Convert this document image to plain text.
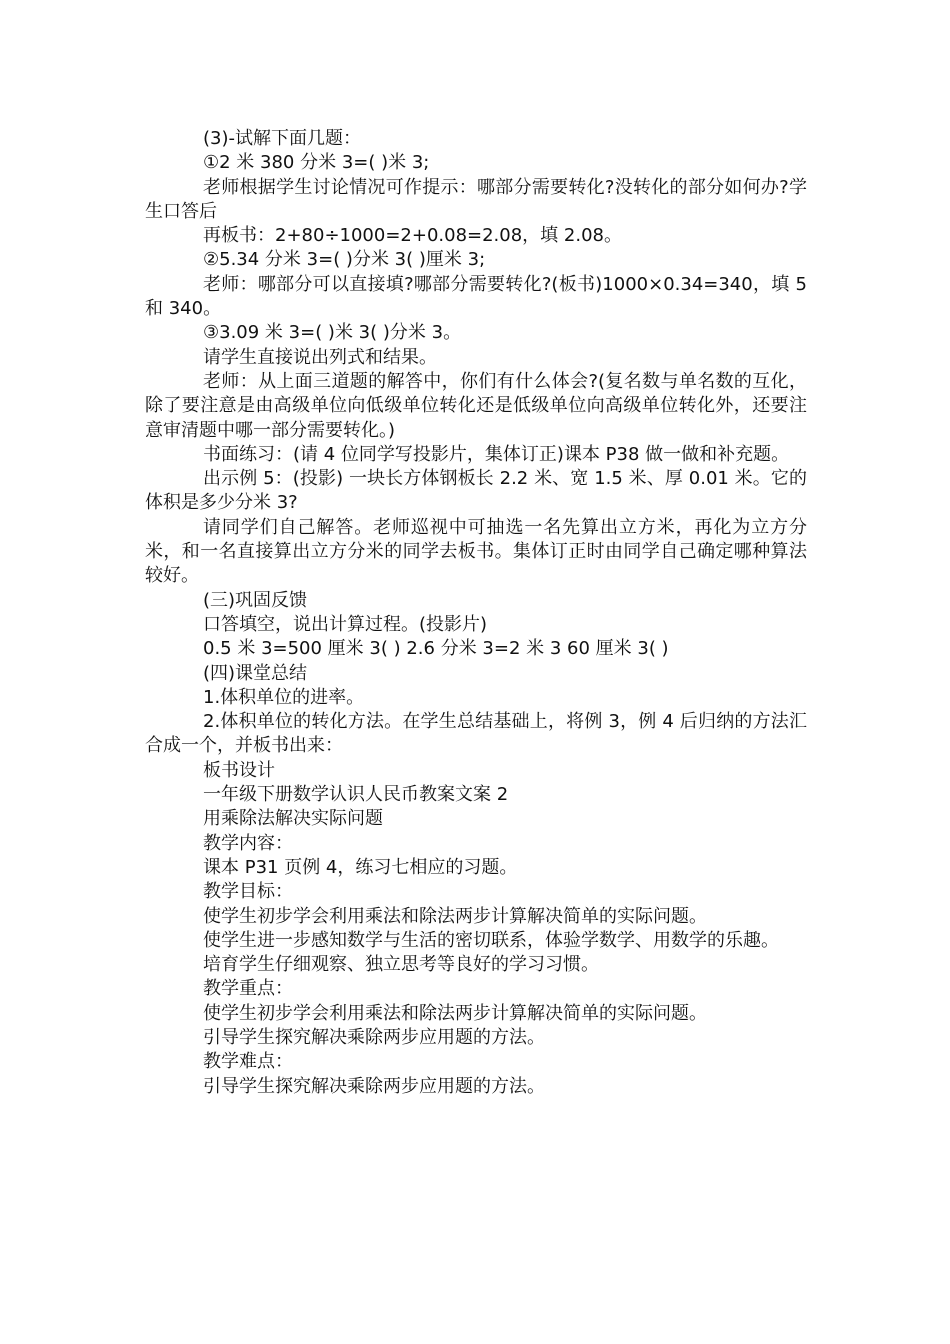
(3)-试解下面几题：

①2 米 380 分米 3=( )米 3;

老师根据学生讨论情况可作提示：哪部分需要转化?没转化的部分如何办?学生口答后

再板书：2+80÷1000=2+0.08=2.08，填 2.08。

②5.34 分米 3=( )分米 3( )厘米 3;

老师：哪部分可以直接填?哪部分需要转化?(板书)1000×0.34=340，填 5 和 340。

③3.09 米 3=( )米 3( )分米 3。

请学生直接说出列式和结果。

老师：从上面三道题的解答中，你们有什么体会?(复名数与单名数的互化，除了要注意是由高级单位向低级单位转化还是低级单位向高级单位转化外，还要注意审清题中哪一部分需要转化。)

书面练习：(请 4 位同学写投影片，集体订正)课本 P38 做一做和补充题。

出示例 5：(投影) 一块长方体钢板长 2.2 米、宽 1.5 米、厚 0.01 米。它的体积是多少分米 3?

请同学们自己解答。老师巡视中可抽选一名先算出立方米，再化为立方分米，和一名直接算出立方分米的同学去板书。集体订正时由同学自己确定哪种算法较好。

(三)巩固反馈

口答填空，说出计算过程。(投影片)

0.5 米 3=500 厘米 3( ) 2.6 分米 3=2 米 3 60 厘米 3( )

(四)课堂总结

1.体积单位的进率。

2.体积单位的转化方法。在学生总结基础上，将例 3，例 4 后归纳的方法汇合成一个，并板书出来：

板书设计

一年级下册数学认识人民币教案文案 2

用乘除法解决实际问题

教学内容：

课本 P31 页例 4，练习七相应的习题。

教学目标：

使学生初步学会利用乘法和除法两步计算解决简单的实际问题。

使学生进一步感知数学与生活的密切联系，体验学数学、用数学的乐趣。

培育学生仔细观察、独立思考等良好的学习习惯。

教学重点：

使学生初步学会利用乘法和除法两步计算解决简单的实际问题。

引导学生探究解决乘除两步应用题的方法。

教学难点：

引导学生探究解决乘除两步应用题的方法。
